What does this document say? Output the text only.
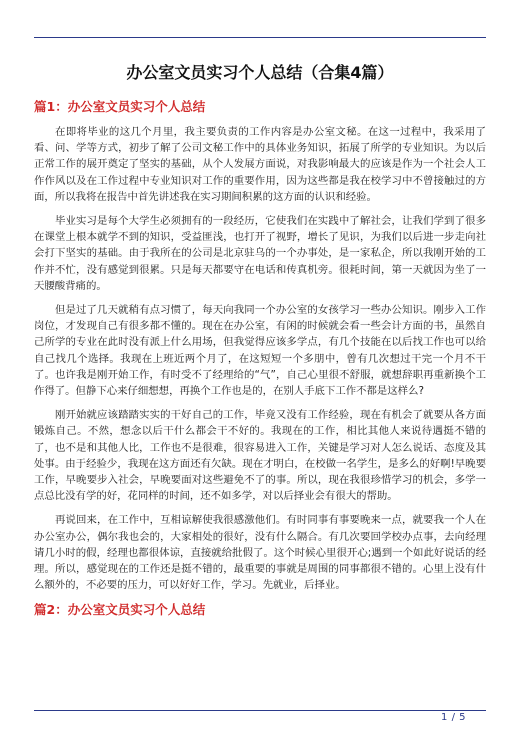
办公室文员实习个人总结（合集4篇）
篇1：办公室文员实习个人总结

在即将毕业的这几个月里，我主要负责的工作内容是办公室文秘。在这一过程中，我采用了看、问、学等方式，初步了解了公司文秘工作中的具体业务知识，拓展了所学的专业知识。为以后正常工作的展开奠定了坚实的基础，从个人发展方面说，对我影响最大的应该是作为一个社会人工作作风以及在工作过程中专业知识对工作的重要作用，因为这些都是我在校学习中不曾接触过的方面，所以我将在报告中首先讲述我在实习期间积累的这方面的认识和经验。

毕业实习是每个大学生必须拥有的一段经历，它使我们在实践中了解社会，让我们学到了很多在课堂上根本就学不到的知识，受益匪浅，也打开了视野，增长了见识，为我们以后进一步走向社会打下坚实的基础。由于我所在的公司是北京驻乌的一个办事处，是一家私企，所以我刚开始的工作并不忙，没有感觉到很累。只是每天都要守在电话和传真机旁。很耗时间，第一天就因为坐了一天腰酸背痛的。

但是过了几天就稍有点习惯了，每天向我同一个办公室的女孩学习一些办公知识。刚步入工作岗位，才发现自己有很多都不懂的。现在在办公室，有闲的时候就会看一些会计方面的书，虽然自己所学的专业在此时没有派上什么用场，但我觉得应该多学点，有几个技能在以后找工作也可以给自己找几个选择。我现在上班近两个月了，在这短短一个多朋中，曾有几次想过干完一个月不干了。也许我是刚开始工作，有时受不了经理给的“气”，自己心里很不舒服，就想辞职再重新换个工作得了。但静下心来仔细想想，再换个工作也是的，在别人手底下工作不都是这样么?

刚开始就应该踏踏实实的干好自己的工作，毕竟又没有工作经验，现在有机会了就要从各方面锻炼自己。不然，想念以后干什么都会干不好的。我现在的工作，相比其他人来说待遇挺不错的了，也不是和其他人比，工作也不是很难，很容易进入工作，关键是学习对人怎么说话、态度及其处事。由于经验少，我现在这方面还有欠缺。现在才明白，在校做一名学生，是多么的好啊!早晚要工作，早晚要步入社会，早晚要面对这些避免不了的事。所以，现在我很珍惜学习的机会，多学一点总比没有学的好，花同样的时间，还不如多学，对以后择业会有很大的帮助。

再说回来，在工作中，互相谅解使我很感激他们。有时同事有事要晚来一点，就要我一个人在办公室办公，偶尔我也会的，大家相处的很好，没有什么隔合。有几次要回学校办点事，去向经理请几小时的假，经理也都很体谅，直接就给批假了。这个时候心里很开心;遇到一个如此好说话的经理。所以，感觉现在的工作还是挺不错的，最重要的事就是周围的同事都很不错的。心里上没有什么额外的，不必要的压力，可以好好工作，学习。先就业，后择业。

篇2：办公室文员实习个人总结
1 / 5
